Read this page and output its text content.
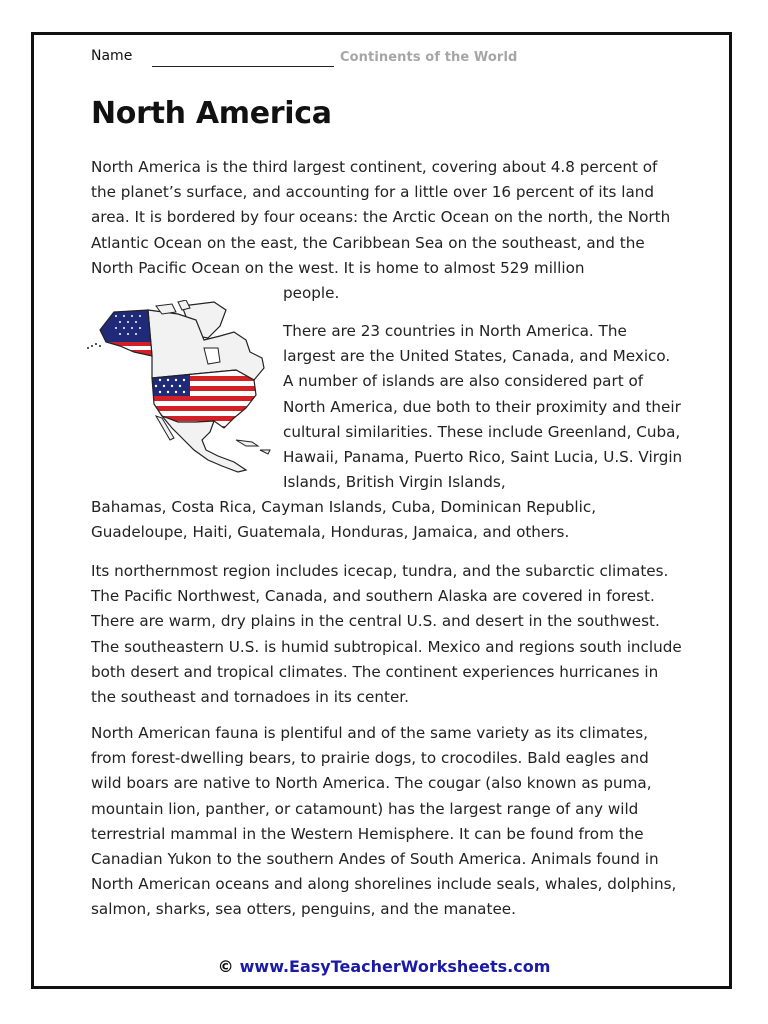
Name	Continents of the World
North America

North America is the third largest continent, covering about 4.8 percent of the planet’s surface, and accounting for a little over 16 percent of its land area. It is bordered by four oceans: the Arctic Ocean on the north, the North Atlantic Ocean on the east, the Caribbean Sea on the southeast, and the North Pacific Ocean on the west. It is home to almost 529 million

people.

There are 23 countries in North America. The largest are the United States, Canada, and Mexico. A number of islands are also considered part of North America, due both to their proximity and their cultural similarities. These include Greenland, Cuba, Hawaii, Panama, Puerto Rico, Saint Lucia, U.S. Virgin Islands, British Virgin Islands,

Bahamas, Costa Rica, Cayman Islands, Cuba, Dominican Republic, Guadeloupe, Haiti, Guatemala, Honduras, Jamaica, and others.

Its northernmost region includes icecap, tundra, and the subarctic climates. The Pacific Northwest, Canada, and southern Alaska are covered in forest. There are warm, dry plains in the central U.S. and desert in the southwest. The southeastern U.S. is humid subtropical. Mexico and regions south include both desert and tropical climates. The continent experiences hurricanes in the southeast and tornadoes in its center.

North American fauna is plentiful and of the same variety as its climates, from forest-dwelling bears, to prairie dogs, to crocodiles. Bald eagles and wild boars are native to North America. The cougar (also known as puma, mountain lion, panther, or catamount) has the largest range of any wild terrestrial mammal in the Western Hemisphere. It can be found from the Canadian Yukon to the southern Andes of South America. Animals found in North American oceans and along shorelines include seals, whales, dolphins, salmon, sharks, sea otters, penguins, and the manatee.

© www.EasyTeacherWorksheets.com
